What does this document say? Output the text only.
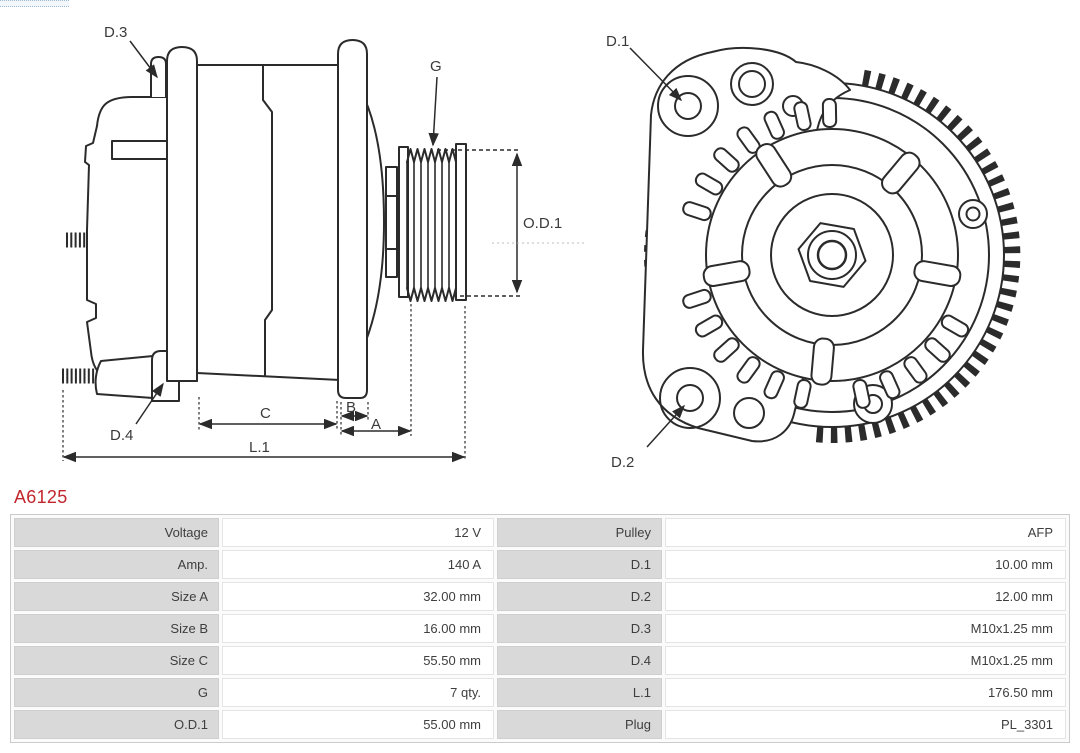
D.3
G
O.D.1
D.4
C	B
A
L.1
D.1
D.2
A6125
Voltage	12 V	Pulley	AFP
Amp.	140 A	D.1	10.00 mm
Size A	32.00 mm	D.2	12.00 mm
Size B	16.00 mm	D.3	M10x1.25 mm
Size C	55.50 mm	D.4	M10x1.25 mm
G	7 qty.	L.1	176.50 mm
O.D.1	55.00 mm	Plug	PL_3301
